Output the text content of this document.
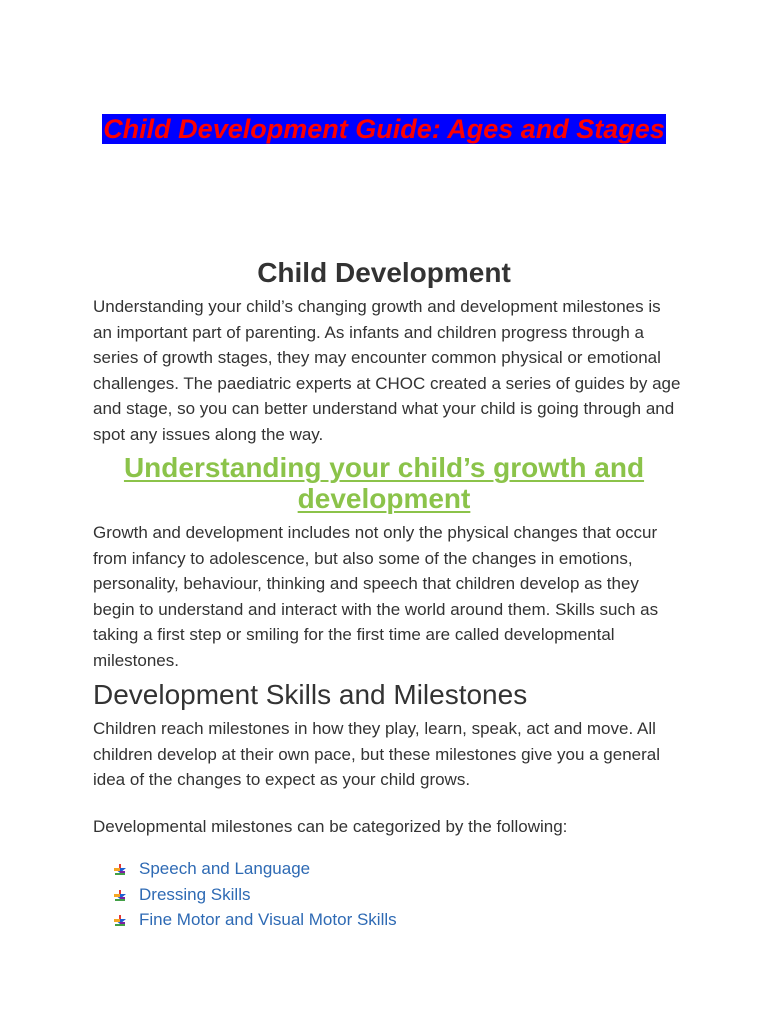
Child Development Guide: Ages and Stages
Child Development

Understanding your child’s changing growth and development milestones is an important part of parenting. As infants and children progress through a series of growth stages, they may encounter common physical or emotional challenges. The paediatric experts at CHOC created a series of guides by age and stage, so you can better understand what your child is going through and spot any issues along the way.

Understanding your child’s growth and development

Growth and development includes not only the physical changes that occur from infancy to adolescence, but also some of the changes in emotions, personality, behaviour, thinking and speech that children develop as they begin to understand and interact with the world around them. Skills such as taking a first step or smiling for the first time are called developmental milestones.

Development Skills and Milestones

Children reach milestones in how they play, learn, speak, act and move. All children develop at their own pace, but these milestones give you a general idea of the changes to expect as your child grows.

Developmental milestones can be categorized by the following:

Speech and Language
Dressing Skills
Fine Motor and Visual Motor Skills
